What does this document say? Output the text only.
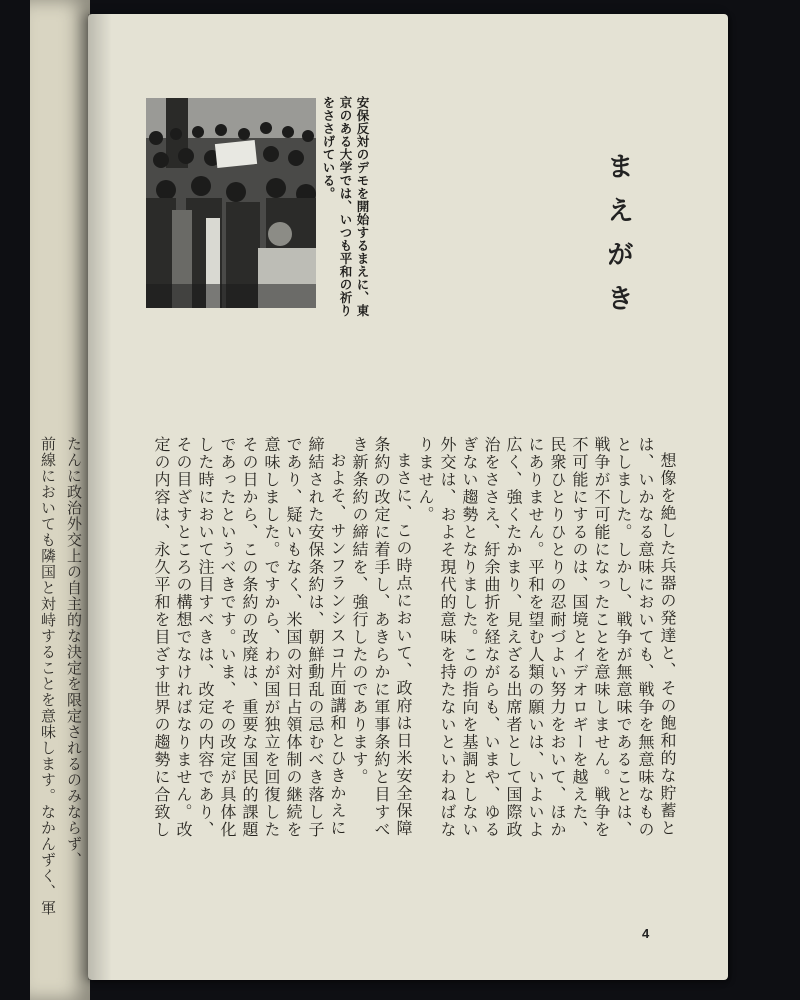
たんに政治外交上の自主的な決定を限定されるのみならず、
前線においても隣国と対峙することを意味します。なかんずく、軍
安保反対のデモを開始するまえに、東
京のある大学では、いつも平和の祈り
をささげている。
まえがき

想像を絶した兵器の発達と、その飽和的な貯蓄とは、いかなる意味においても、戦争を無意味なものとしました。しかし、戦争が無意味であることは、戦争が不可能になったことを意味しません。戦争を不可能にするのは、国境とイデオロギーを越えた、民衆ひとりひとりの忍耐づよい努力をおいて、ほかにありません。平和を望む人類の願いは、いよいよ広く、強くたかまり、見えざる出席者として国際政治をささえ、紆余曲折を経ながらも、いまや、ゆるぎない趨勢となりました。この指向を基調としない外交は、およそ現代的意味を持たないといわねばなりません。

まさに、この時点において、政府は日米安全保障条約の改定に着手し、あきらかに軍事条約と目すべき新条約の締結を、強行したのであります。

およそ、サンフランシスコ片面講和とひきかえに締結された安保条約は、朝鮮動乱の忌むべき落し子であり、疑いもなく、米国の対日占領体制の継続を意味しました。ですから、わが国が独立を回復したその日から、この条約の改廃は、重要な国民的課題であったというべきです。いま、その改定が具体化した時において注目すべきは、改定の内容であり、その目ざすところの構想でなければなりません。改定の内容は、永久平和を目ざす世界の趨勢に合致し

4
